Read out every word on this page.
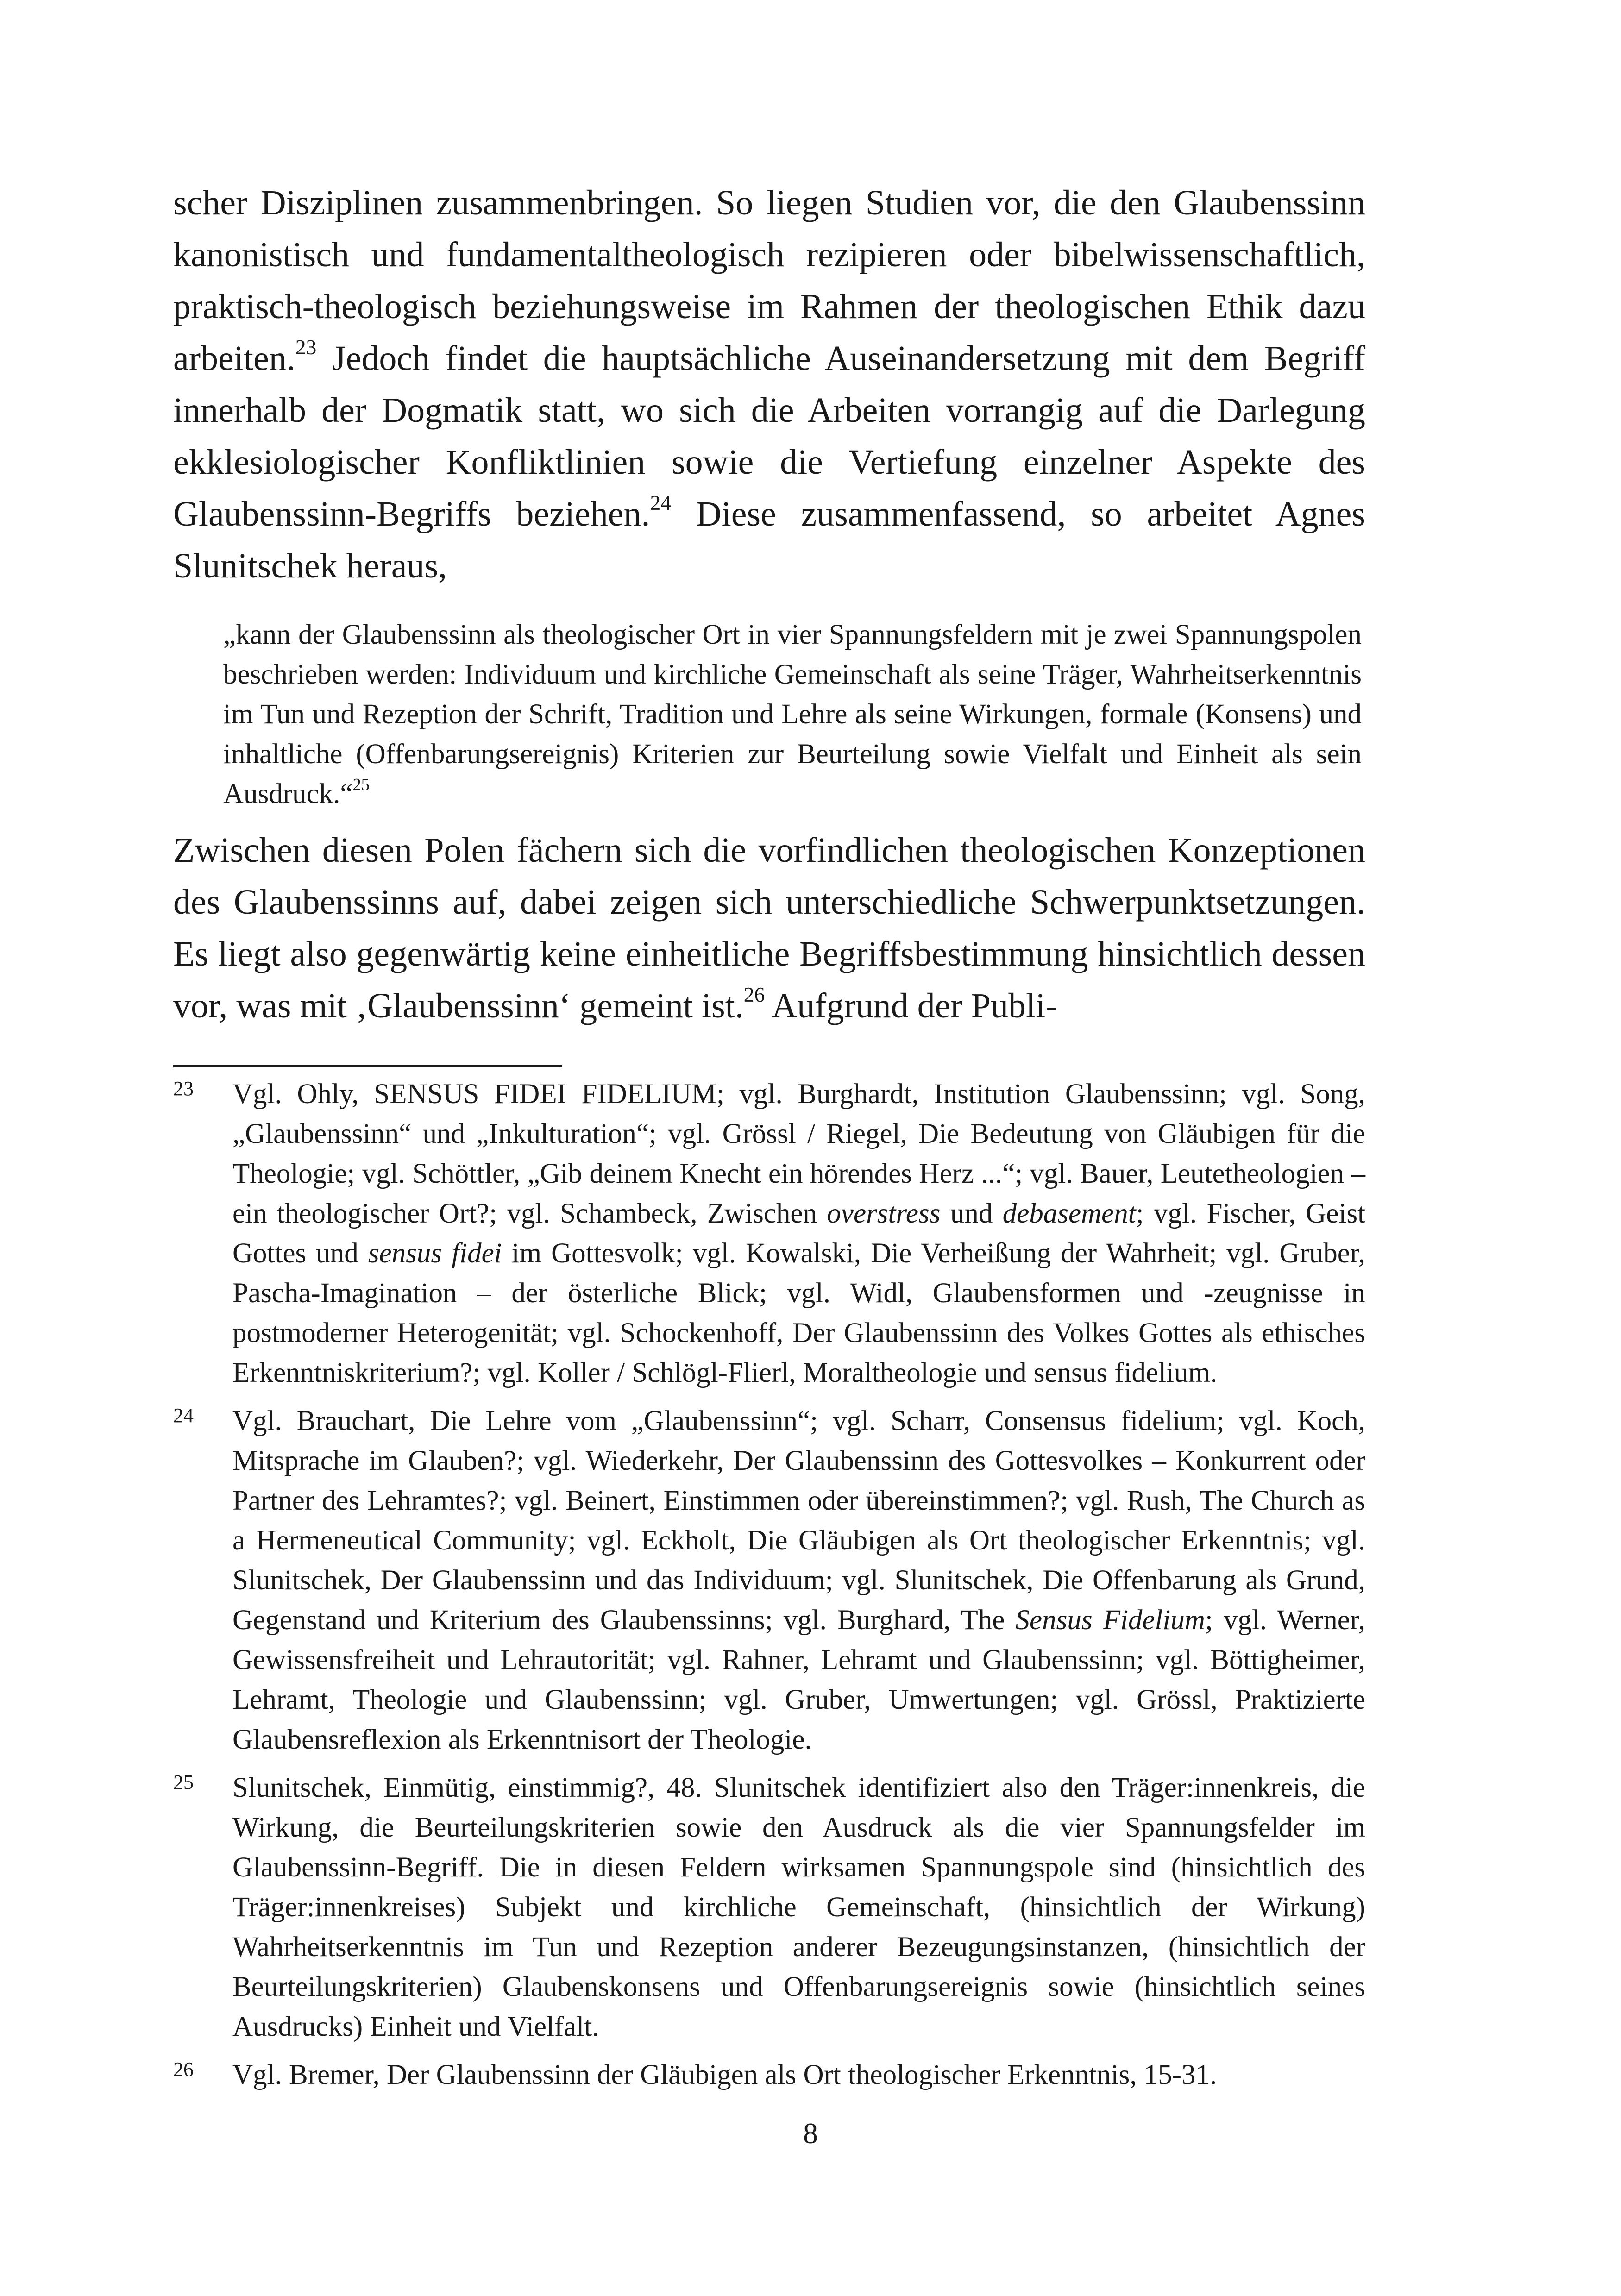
scher Disziplinen zusammenbringen. So liegen Studien vor, die den Glaubenssinn kanonistisch und fundamentaltheologisch rezipieren oder bibelwissenschaftlich, praktisch-theologisch beziehungsweise im Rahmen der theologischen Ethik dazu arbeiten.$^{23}$ Jedoch findet die hauptsächliche Auseinandersetzung mit dem Begriff innerhalb der Dogmatik statt, wo sich die Arbeiten vorrangig auf die Darlegung ekklesiologischer Konfliktlinien sowie die Vertiefung einzelner Aspekte des Glaubenssinn-Begriffs beziehen.$^{24}$ Diese zusammenfassend, so arbeitet Agnes Slunitschek heraus,

„kann der Glaubenssinn als theologischer Ort in vier Spannungsfeldern mit je zwei Spannungspolen beschrieben werden: Individuum und kirchliche Gemeinschaft als seine Träger, Wahrheitserkenntnis im Tun und Rezeption der Schrift, Tradition und Lehre als seine Wirkungen, formale (Konsens) und inhaltliche (Offenbarungsereignis) Kriterien zur Beurteilung sowie Vielfalt und Einheit als sein Ausdruck.“$^{25}$

Zwischen diesen Polen fächern sich die vorfindlichen theologischen Konzeptionen des Glaubenssinns auf, dabei zeigen sich unterschiedliche Schwerpunktsetzungen. Es liegt also gegenwärtig keine einheitliche Begriffsbestimmung hinsichtlich dessen vor, was mit ‚Glaubenssinn‘ gemeint ist.$^{26}$ Aufgrund der Publi-

23 Vgl. Ohly, SENSUS FIDEI FIDELIUM; vgl. Burghardt, Institution Glaubenssinn; vgl. Song, „Glaubenssinn“ und „Inkulturation“; vgl. Grössl / Riegel, Die Bedeutung von Gläubigen für die Theologie; vgl. Schöttler, „Gib deinem Knecht ein hörendes Herz ...“; vgl. Bauer, Leutetheologien – ein theologischer Ort?; vgl. Schambeck, Zwischen overstress und debasement; vgl. Fischer, Geist Gottes und sensus fidei im Gottesvolk; vgl. Kowalski, Die Verheißung der Wahrheit; vgl. Gruber, Pascha-Imagination – der österliche Blick; vgl. Widl, Glaubensformen und -zeugnisse in postmoderner Heterogenität; vgl. Schockenhoff, Der Glaubenssinn des Volkes Gottes als ethisches Erkenntniskriterium?; vgl. Koller / Schlögl-Flierl, Moraltheologie und sensus fidelium.

24 Vgl. Brauchart, Die Lehre vom „Glaubenssinn“; vgl. Scharr, Consensus fidelium; vgl. Koch, Mitsprache im Glauben?; vgl. Wiederkehr, Der Glaubenssinn des Gottesvolkes – Konkurrent oder Partner des Lehramtes?; vgl. Beinert, Einstimmen oder übereinstimmen?; vgl. Rush, The Church as a Hermeneutical Community; vgl. Eckholt, Die Gläubigen als Ort theologischer Erkenntnis; vgl. Slunitschek, Der Glaubenssinn und das Individuum; vgl. Slunitschek, Die Offenbarung als Grund, Gegenstand und Kriterium des Glaubenssinns; vgl. Burghard, The Sensus Fidelium; vgl. Werner, Gewissensfreiheit und Lehrautorität; vgl. Rahner, Lehramt und Glaubenssinn; vgl. Böttigheimer, Lehramt, Theologie und Glaubenssinn; vgl. Gruber, Umwertungen; vgl. Grössl, Praktizierte Glaubensreflexion als Erkenntnisort der Theologie.

25 Slunitschek, Einmütig, einstimmig?, 48. Slunitschek identifiziert also den Träger:innenkreis, die Wirkung, die Beurteilungskriterien sowie den Ausdruck als die vier Spannungsfelder im Glaubenssinn-Begriff. Die in diesen Feldern wirksamen Spannungspole sind (hinsichtlich des Träger:innenkreises) Subjekt und kirchliche Gemeinschaft, (hinsichtlich der Wirkung) Wahrheitserkenntnis im Tun und Rezeption anderer Bezeugungsinstanzen, (hinsichtlich der Beurteilungskriterien) Glaubenskonsens und Offenbarungsereignis sowie (hinsichtlich seines Ausdrucks) Einheit und Vielfalt.

26 Vgl. Bremer, Der Glaubenssinn der Gläubigen als Ort theologischer Erkenntnis, 15-31.

8
